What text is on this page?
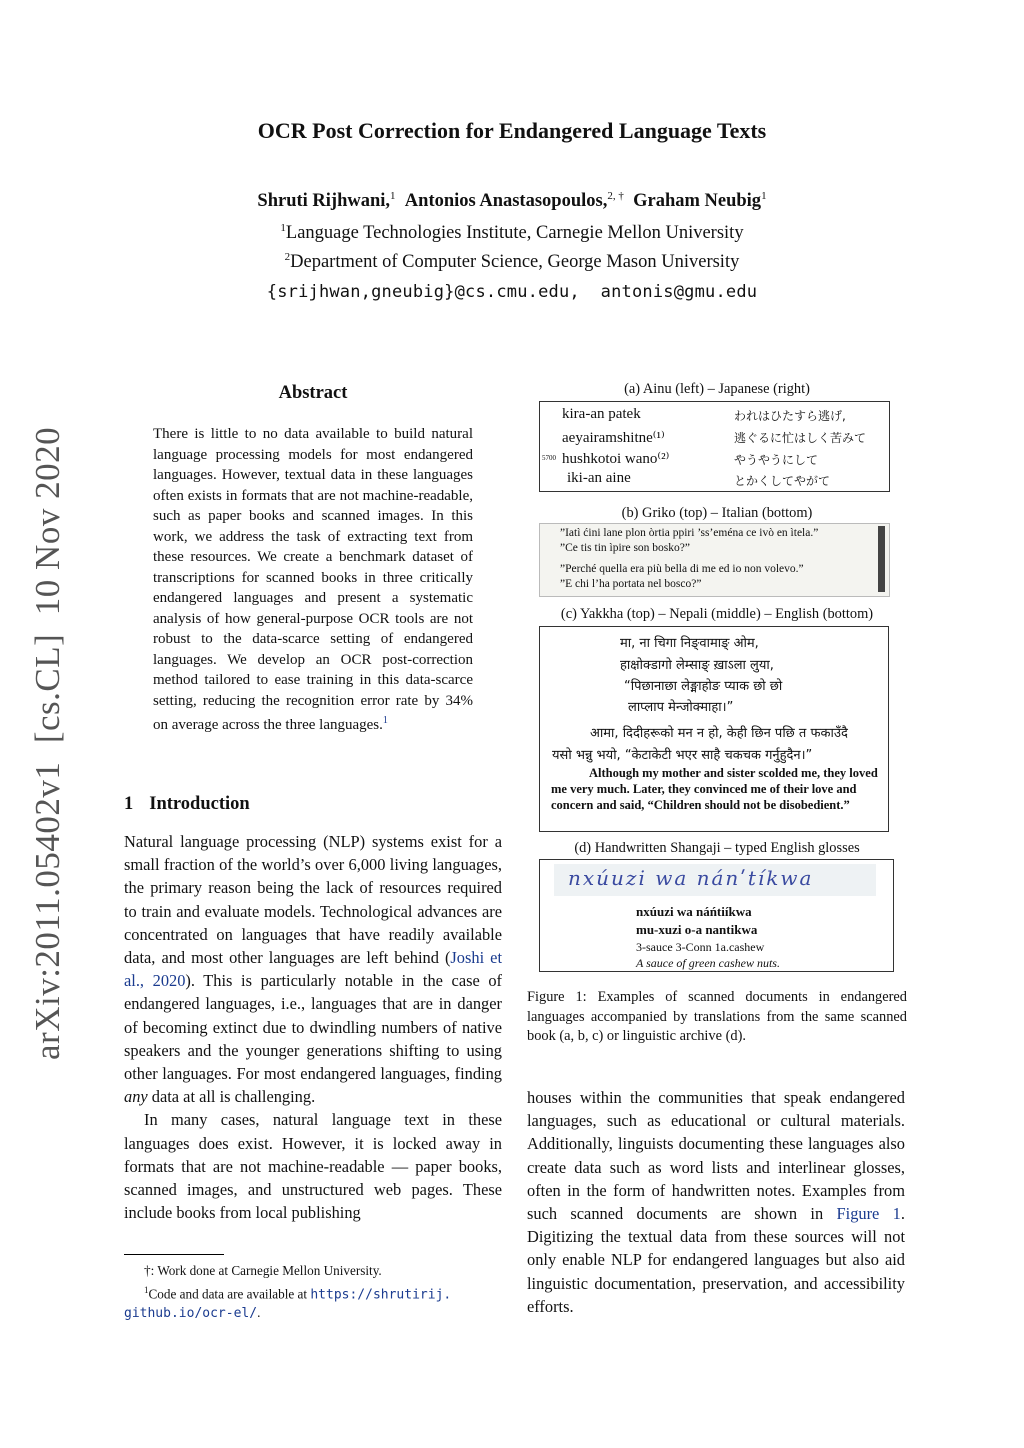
OCR Post Correction for Endangered Language Texts
Shruti Rijhwani,$^1$ Antonios Anastasopoulos,$^{2, \dagger}$ Graham Neubig$^1$
$^1$Language Technologies Institute, Carnegie Mellon University
$^2$Department of Computer Science, George Mason University
{srijhwan,gneubig}@cs.cmu.edu,  antonis@gmu.edu
arXiv:2011.05402v1  [cs.CL]  10 Nov 2020
Abstract
There is little to no data available to build natural language processing models for most endangered languages. However, textual data in these languages often exists in formats that are not machine-readable, such as paper books and scanned images. In this work, we address the task of extracting text from these resources. We create a benchmark dataset of transcriptions for scanned books in three critically endangered languages and present a systematic analysis of how general-purpose OCR tools are not robust to the data-scarce setting of endangered languages. We develop an OCR post-correction method tailored to ease training in this data-scarce setting, reducing the recognition error rate by 34% on average across the three languages.$^1$
1 Introduction
Natural language processing (NLP) systems exist for a small fraction of the world’s over 6,000 living languages, the primary reason being the lack of resources required to train and evaluate models. Technological advances are concentrated on languages that have readily available data, and most other languages are left behind (Joshi et al., 2020). This is particularly notable in the case of endangered languages, i.e., languages that are in danger of becoming extinct due to dwindling numbers of native speakers and the younger generations shifting to using other languages. For most endangered languages, finding any data at all is challenging.
In many cases, natural language text in these languages does exist. However, it is locked away in formats that are not machine-readable — paper books, scanned images, and unstructured web pages. These include books from local publishing
†: Work done at Carnegie Mellon University.
$^1$Code and data are available at https://shrutirij.
github.io/ocr-el/.
(a) Ainu (left) – Japanese (right)
kira-an patek
aeyairamshitne⁽¹⁾
5700 hushkotoi wano⁽²⁾
iki-an aine
われはひたすら逃げ,
逃ぐるに忙はしく苦みて
やうやうにして
とかくしてやがて
(b) Griko (top) – Italian (bottom)
”Iatì ćini lane plon òrtia ppiri ’ss’eména ce ivò en ìtela.”
”Ce tis tin ìpire son bosko?”
”Perché quella era più bella di me ed io non volevo.”
”E chi l’ha portata nel bosco?”
(c) Yakkha (top) – Nepali (middle) – English (bottom)
मा, ना चिगा निङ्वामाङ् ओम,
हाक्षोक्डागो लेम्साङ् ख़ाऽला लुया,
“पिछानाछा लेङ्माहोङ प्याक छो छो
लाप्लाप मेन्जोक्माहा।”
आमा, दिदीहरूको मन न हो, केही छिन पछि त फकाउँदै
यसो भन्नु भयो, “केटाकेटी भएर साहै चकचक गर्नुहुदैन।”
Although my mother and sister scolded me, they loved me very much. Later, they convinced me of their love and concern and said, “Children should not be disobedient.”
(d) Handwritten Shangaji – typed English glosses
nxúuzi wa nánʹtíkwa
nxúuzi wa náńtiíkwa
mu-xuzi o-a nantikwa
3-sauce 3-Conn 1a.cashew
A sauce of green cashew nuts.
Figure 1: Examples of scanned documents in endangered languages accompanied by translations from the same scanned book (a, b, c) or linguistic archive (d).
houses within the communities that speak endangered languages, such as educational or cultural materials. Additionally, linguists documenting these languages also create data such as word lists and interlinear glosses, often in the form of handwritten notes. Examples from such scanned documents are shown in Figure 1. Digitizing the textual data from these sources will not only enable NLP for endangered languages but also aid linguistic documentation, preservation, and accessibility efforts.
